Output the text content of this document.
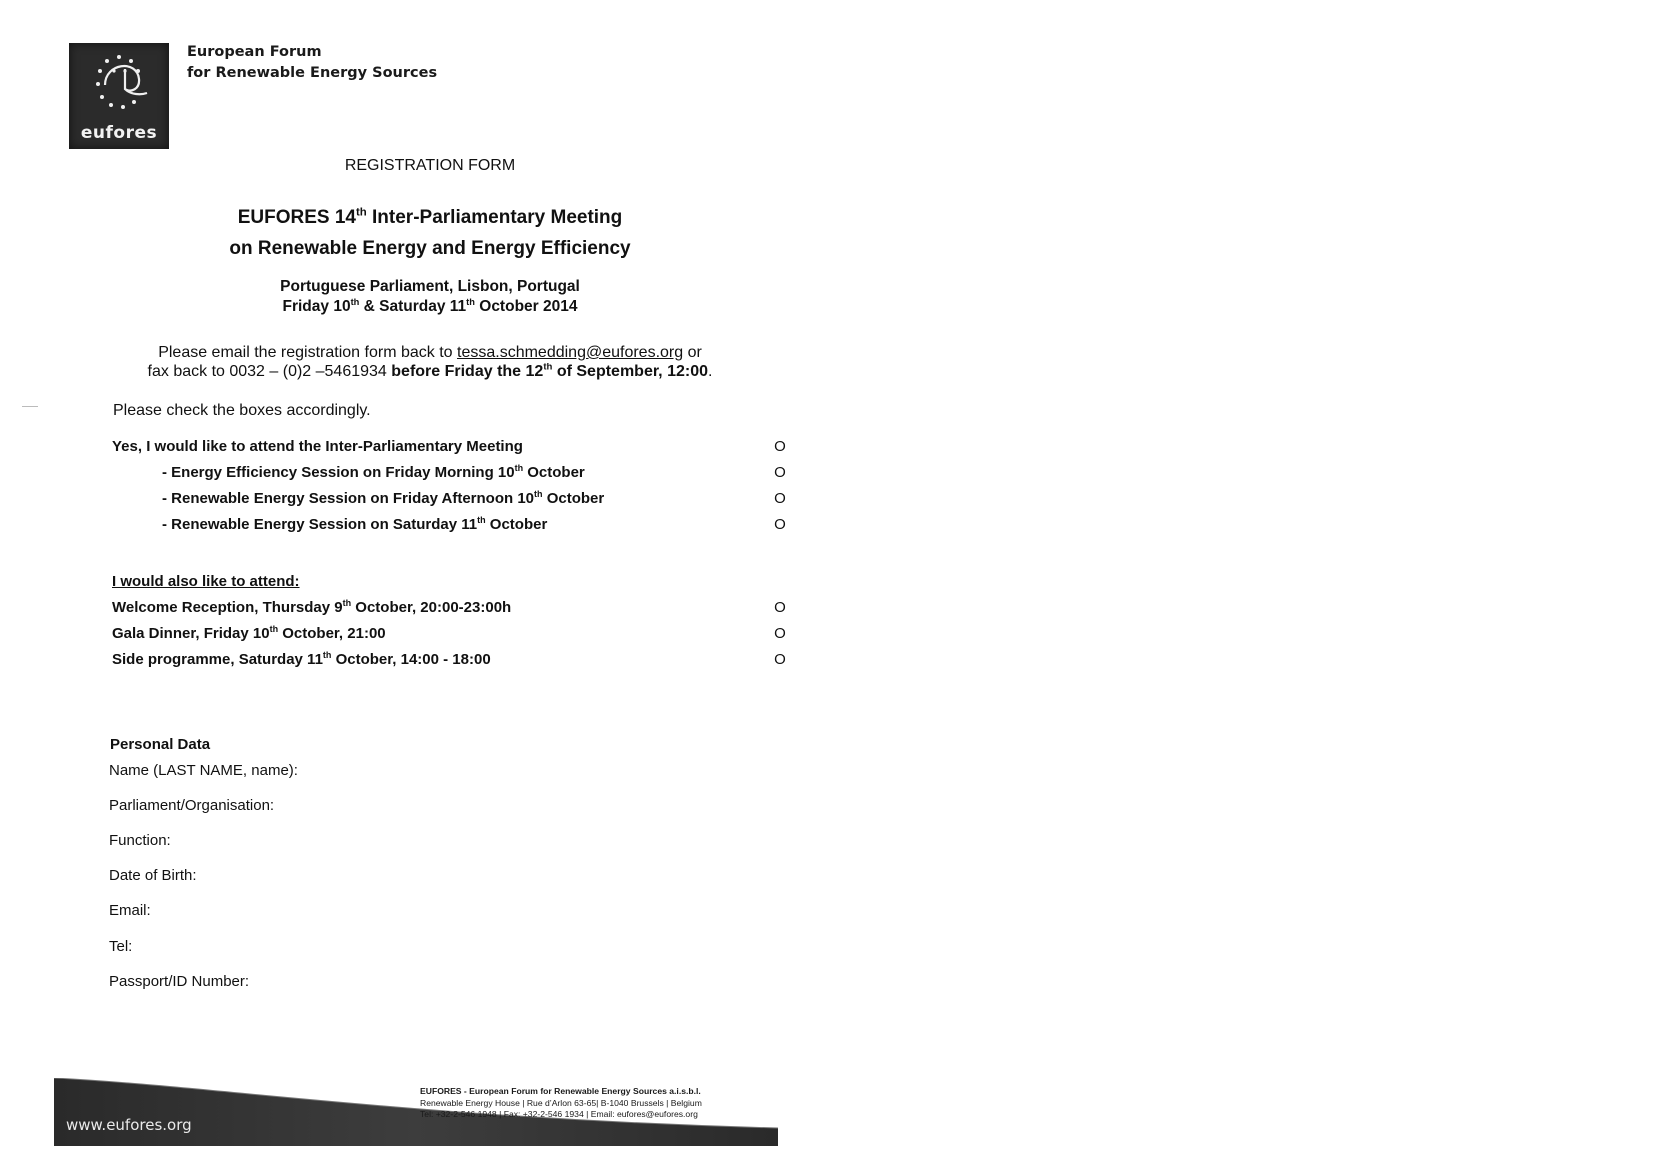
eufores
European Forum
for Renewable Energy Sources
REGISTRATION FORM
EUFORES 14th Inter-Parliamentary Meeting
on Renewable Energy and Energy Efficiency
Portuguese Parliament, Lisbon, Portugal
Friday 10th & Saturday 11th October 2014
Please email the registration form back to tessa.schmedding@eufores.org or
fax back to 0032 – (0)2 –5461934 before Friday the 12th of September, 12:00.
Please check the boxes accordingly.
Yes, I would like to attend the Inter-Parliamentary Meeting	O
- Energy Efficiency Session on Friday Morning 10th October	O
- Renewable Energy Session on Friday Afternoon 10th October	O
- Renewable Energy Session on Saturday 11th October	O
I would also like to attend:
Welcome Reception, Thursday 9th October, 20:00-23:00h	O
Gala Dinner, Friday 10th October, 21:00	O
Side programme, Saturday 11th October, 14:00 - 18:00	O
Personal Data
Name (LAST NAME, name):
Parliament/Organisation:
Function:
Date of Birth:
Email:
Tel:
Passport/ID Number:
www.eufores.org
EUFORES - European Forum for Renewable Energy Sources a.i.s.b.l.
Renewable Energy House | Rue d’Arlon 63-65| B-1040 Brussels | Belgium
Tel: +32-2-546 1948 | Fax: +32-2-546 1934 | Email: eufores@eufores.org
